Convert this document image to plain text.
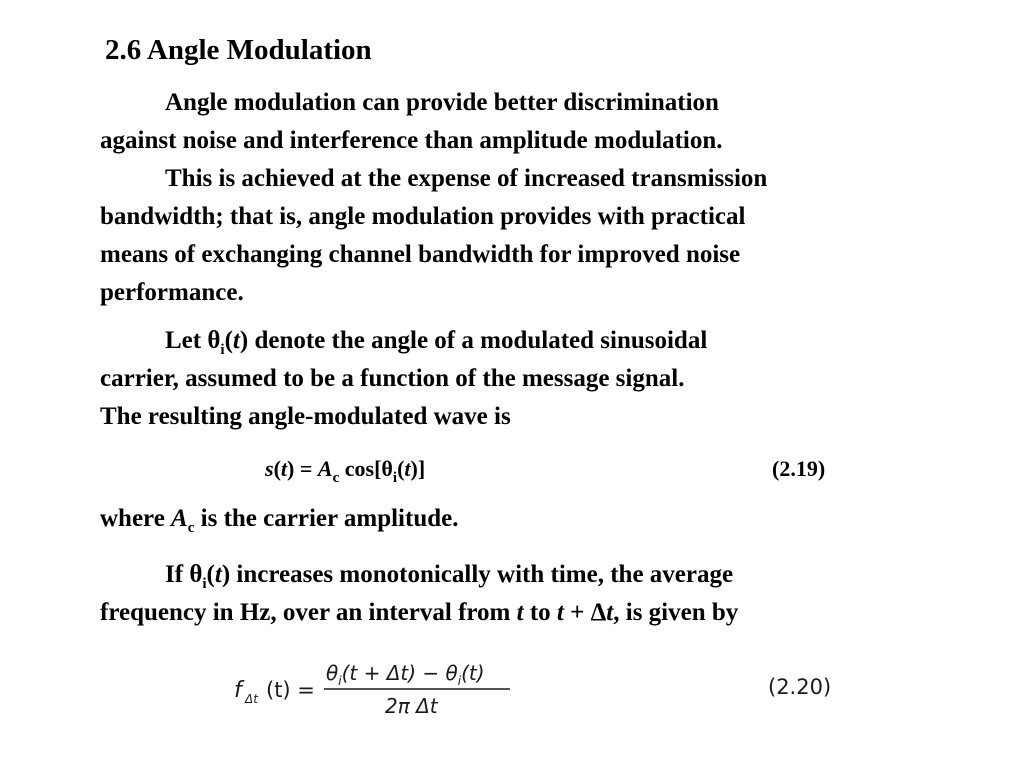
2.6 Angle Modulation
Angle modulation can provide better discrimination
against noise and interference than amplitude modulation.
This is achieved at the expense of increased transmission
bandwidth; that is, angle modulation provides with practical
means of exchanging channel bandwidth for improved noise
performance.
Let $\theta_i(t)$ denote the angle of a modulated sinusoidal
carrier, assumed to be a function of the message signal.
The resulting angle-modulated wave is
$s(t) = A_c$ $\cos[\theta_i(t)]$	(2.19)
where $A_c$ is the carrier amplitude.
If $\theta_i(t)$ increases monotonically with time, the average
frequency in Hz, over an interval from t to t + Δt, is given by
f Δt (t) =
$\theta_i(t + \Delta t) - \theta_i(t)$
2π Δt
(2.20)
